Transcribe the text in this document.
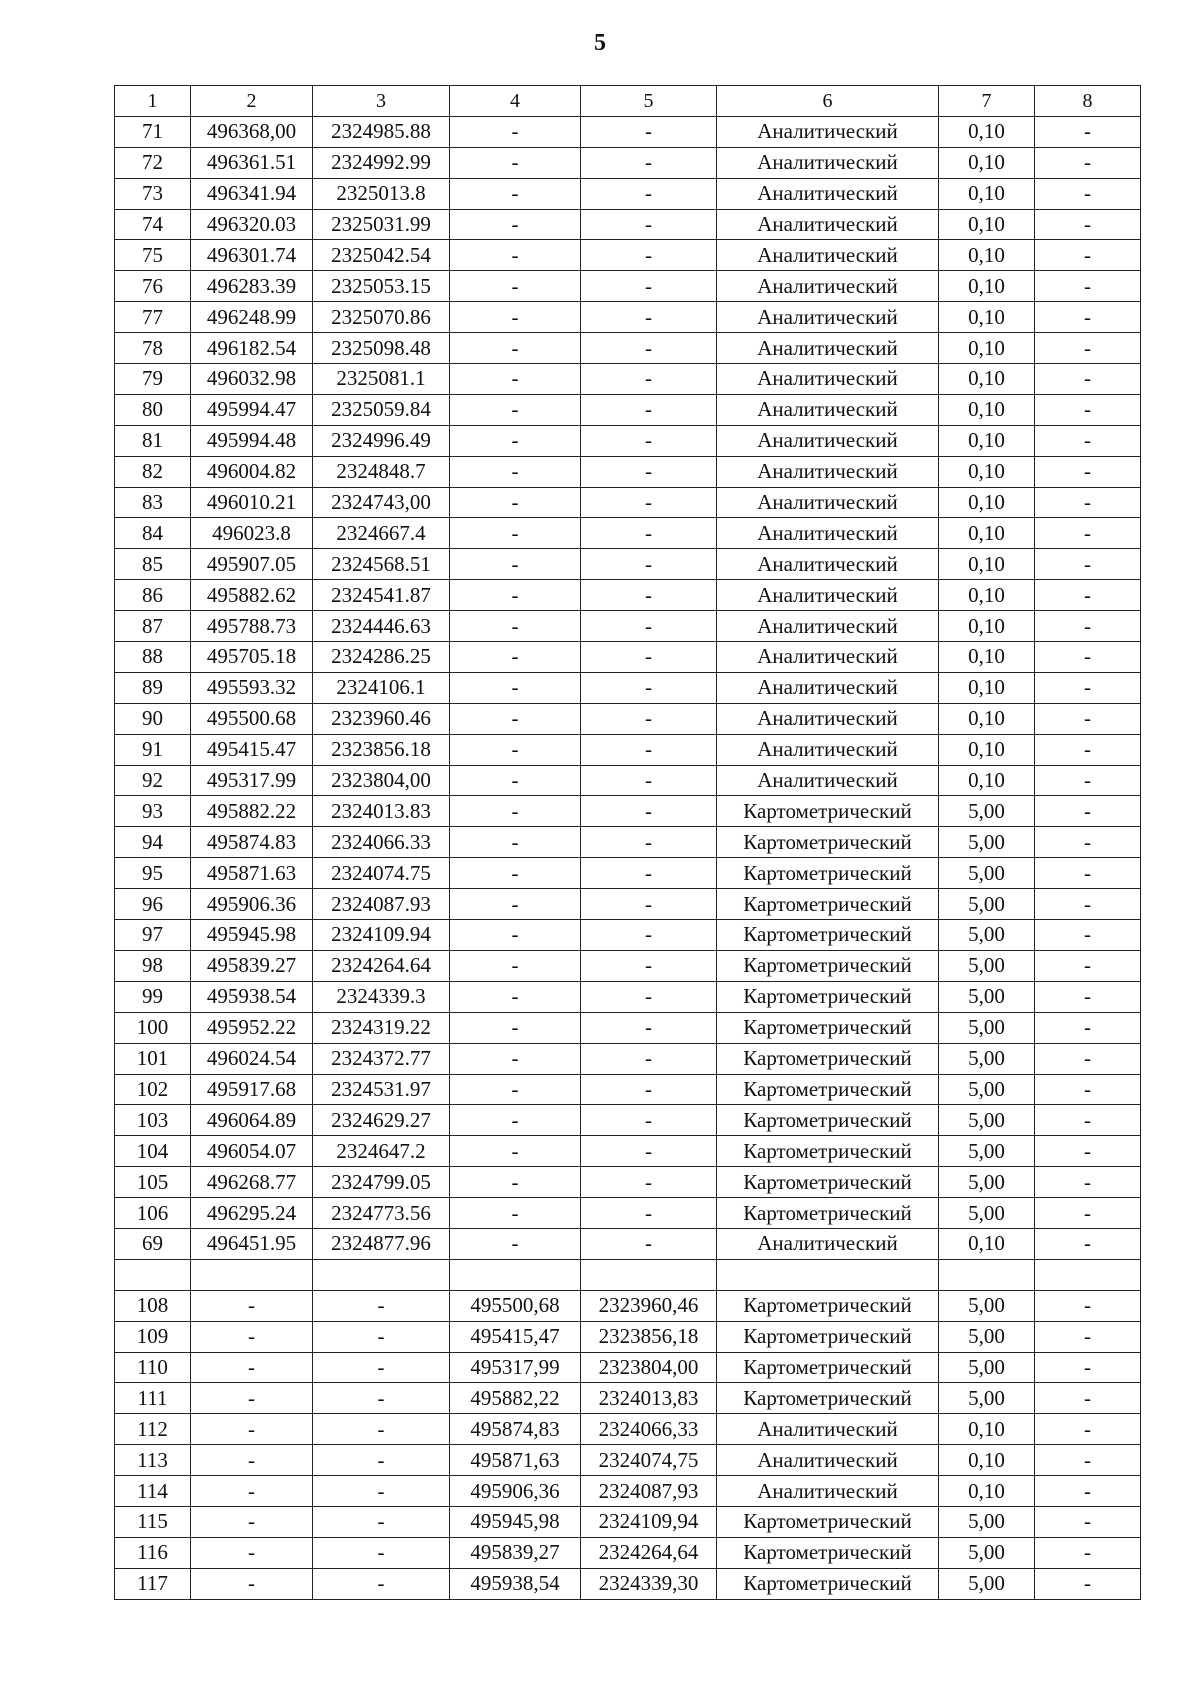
5
1	2	3	4	5	6	7	8
71	496368,00	2324985.88	-	-	Аналитический	0,10	-
72	496361.51	2324992.99	-	-	Аналитический	0,10	-
73	496341.94	2325013.8	-	-	Аналитический	0,10	-
74	496320.03	2325031.99	-	-	Аналитический	0,10	-
75	496301.74	2325042.54	-	-	Аналитический	0,10	-
76	496283.39	2325053.15	-	-	Аналитический	0,10	-
77	496248.99	2325070.86	-	-	Аналитический	0,10	-
78	496182.54	2325098.48	-	-	Аналитический	0,10	-
79	496032.98	2325081.1	-	-	Аналитический	0,10	-
80	495994.47	2325059.84	-	-	Аналитический	0,10	-
81	495994.48	2324996.49	-	-	Аналитический	0,10	-
82	496004.82	2324848.7	-	-	Аналитический	0,10	-
83	496010.21	2324743,00	-	-	Аналитический	0,10	-
84	496023.8	2324667.4	-	-	Аналитический	0,10	-
85	495907.05	2324568.51	-	-	Аналитический	0,10	-
86	495882.62	2324541.87	-	-	Аналитический	0,10	-
87	495788.73	2324446.63	-	-	Аналитический	0,10	-
88	495705.18	2324286.25	-	-	Аналитический	0,10	-
89	495593.32	2324106.1	-	-	Аналитический	0,10	-
90	495500.68	2323960.46	-	-	Аналитический	0,10	-
91	495415.47	2323856.18	-	-	Аналитический	0,10	-
92	495317.99	2323804,00	-	-	Аналитический	0,10	-
93	495882.22	2324013.83	-	-	Картометрический	5,00	-
94	495874.83	2324066.33	-	-	Картометрический	5,00	-
95	495871.63	2324074.75	-	-	Картометрический	5,00	-
96	495906.36	2324087.93	-	-	Картометрический	5,00	-
97	495945.98	2324109.94	-	-	Картометрический	5,00	-
98	495839.27	2324264.64	-	-	Картометрический	5,00	-
99	495938.54	2324339.3	-	-	Картометрический	5,00	-
100	495952.22	2324319.22	-	-	Картометрический	5,00	-
101	496024.54	2324372.77	-	-	Картометрический	5,00	-
102	495917.68	2324531.97	-	-	Картометрический	5,00	-
103	496064.89	2324629.27	-	-	Картометрический	5,00	-
104	496054.07	2324647.2	-	-	Картометрический	5,00	-
105	496268.77	2324799.05	-	-	Картометрический	5,00	-
106	496295.24	2324773.56	-	-	Картометрический	5,00	-
69	496451.95	2324877.96	-	-	Аналитический	0,10	-

108	-	-	495500,68	2323960,46	Картометрический	5,00	-
109	-	-	495415,47	2323856,18	Картометрический	5,00	-
110	-	-	495317,99	2323804,00	Картометрический	5,00	-
111	-	-	495882,22	2324013,83	Картометрический	5,00	-
112	-	-	495874,83	2324066,33	Аналитический	0,10	-
113	-	-	495871,63	2324074,75	Аналитический	0,10	-
114	-	-	495906,36	2324087,93	Аналитический	0,10	-
115	-	-	495945,98	2324109,94	Картометрический	5,00	-
116	-	-	495839,27	2324264,64	Картометрический	5,00	-
117	-	-	495938,54	2324339,30	Картометрический	5,00	-
